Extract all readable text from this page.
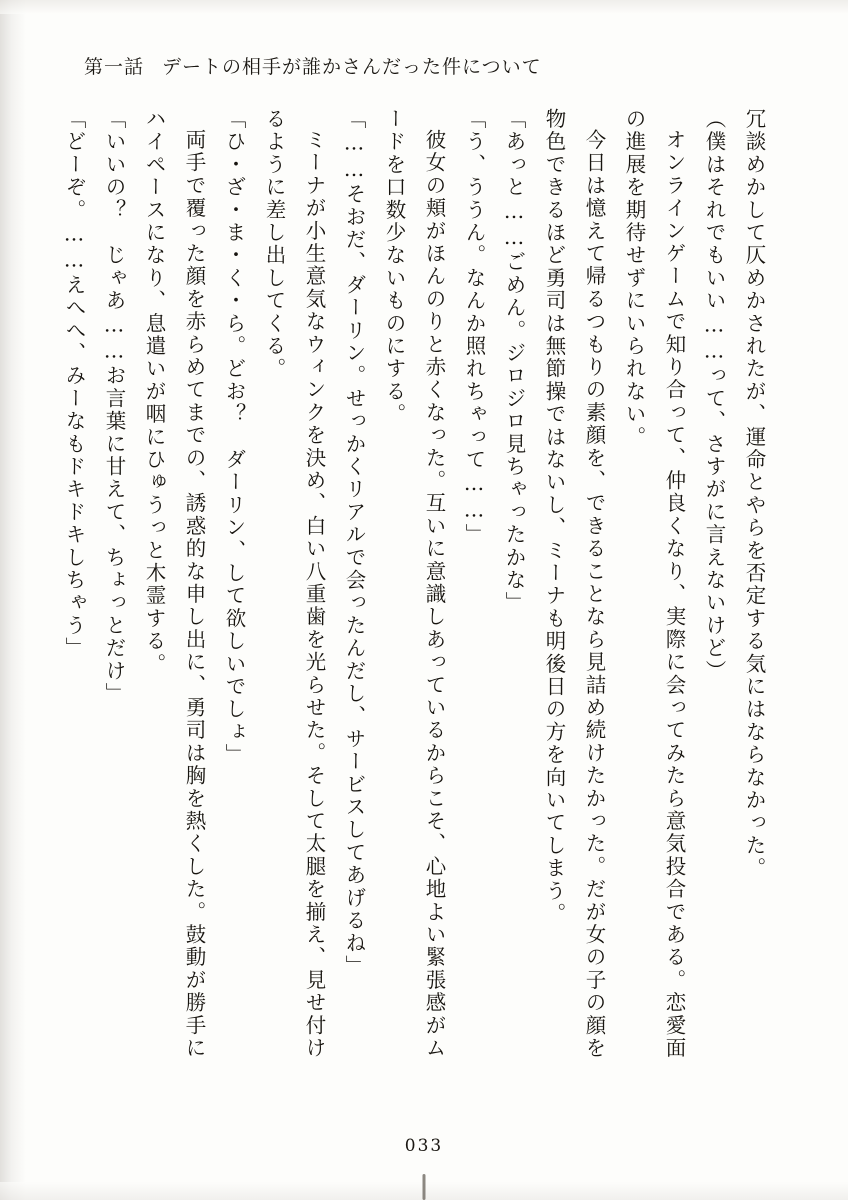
第一話 デートの相手が誰かさんだった件について

冗談めかして仄めかされたが、運命とやらを否定する気にはならなかった。

（僕はそれでもいい……って、さすがに言えないけど）

オンラインゲームで知り合って、仲良くなり、実際に会ってみたら意気投合である。恋愛面の進展を期待せずにいられない。

今日は憶えて帰るつもりの素顔を、できることなら見詰め続けたかった。だが女の子の顔を物色できるほど勇司は無節操ではないし、ミーナも明後日の方を向いてしまう。

「あっと……ごめん。ジロジロ見ちゃったかな」

「う、ううん。なんか照れちゃって……」

彼女の頬がほんのりと赤くなった。互いに意識しあっているからこそ、心地よい緊張感がムードを口数少ないものにする。

「……そおだ、ダーリン。せっかくリアルで会ったんだし、サービスしてあげるね」

ミーナが小生意気なウィンクを決め、白い八重歯を光らせた。そして太腿を揃え、見せ付けるように差し出してくる。

「ひ・ざ・ま・く・ら。どお？　ダーリン、して欲しいでしょ」

両手で覆った顔を赤らめてまでの、誘惑的な申し出に、勇司は胸を熱くした。鼓動が勝手にハイペースになり、息遣いが咽にひゅうっと木霊する。

「いいの？　じゃあ……お言葉に甘えて、ちょっとだけ」

「どーぞ。……えへへ、みーなもドキドキしちゃう」

033
